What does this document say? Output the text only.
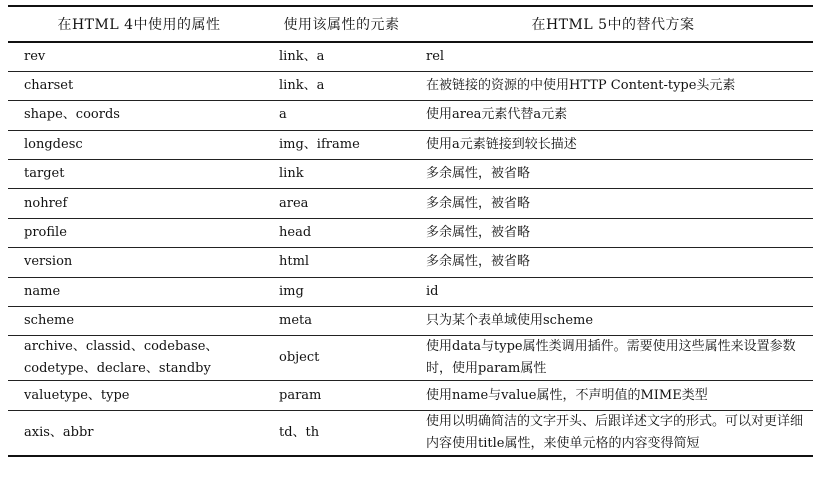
在HTML 4中使用的属性	使用该属性的元素	在HTML 5中的替代方案
rev	link、a	rel
charset	link、a	在被链接的资源的中使用HTTP Content-type头元素
shape、coords	a	使用area元素代替a元素
longdesc	img、iframe	使用a元素链接到较长描述
target	link	多余属性，被省略
nohref	area	多余属性，被省略
profile	head	多余属性，被省略
version	html	多余属性，被省略
name	img	id
scheme	meta	只为某个表单域使用scheme
archive、classid、codebase、codetype、declare、standby	object	使用data与type属性类调用插件。需要使用这些属性来设置参数时，使用param属性
valuetype、type	param	使用name与value属性，不声明值的MIME类型
axis、abbr	td、th	使用以明确简洁的文字开头、后跟详述文字的形式。可以对更详细内容使用title属性，来使单元格的内容变得简短
